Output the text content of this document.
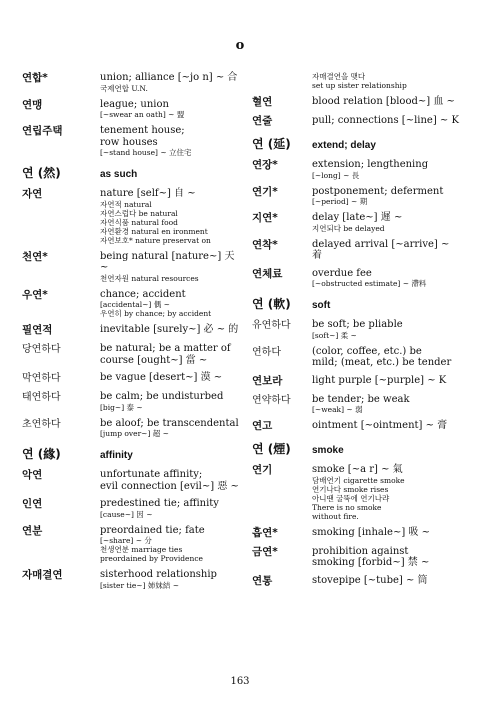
o
연합*	union; alliance [~jo n] ~ 合
국제연합 U.N.
연맹	league; union
[~swear an oath] ~ 盟
연립주택	tenement house;
row houses
[~stand house] ~ 立住宅
연 (然)	as such
자연	nature [self~] 自 ~
자연적 natural
자연스럽다 be natural
자연식품 natural food
자연환경 natural en ironment
자연보호* nature preservat on
천연*	being natural [nature~] 天 ~
천연자원 natural resources
우연*	chance; accident
[accidental~] 偶 ~
우연히 by chance; by accident
필연적	inevitable [surely~] 必 ~ 的
당연하다	be natural; be a matter of
course [ought~] 當 ~
막연하다	be vague [desert~] 漠 ~
태연하다	be calm; be undisturbed
[big~] 泰 ~
초연하다	be aloof; be transcendental
[jump over~] 超 ~
연 (緣)	affinity
악연	unfortunate affinity;
evil connection [evil~] 惡 ~
인연	predestined tie; affinity
[cause~] 因 ~
연분	preordained tie; fate
[~share] ~ 分
천생연분 marriage ties
preordained by Providence
자매결연	sisterhood relationship
[sister tie~] 姉妹結 ~
자매결연을 맺다
set up sister relationship
혈연	blood relation [blood~] 血 ~
연줄	pull; connections [~line] ~ K
연 (延)	extend; delay
연장*	extension; lengthening
[~long] ~ 長
연기*	postponement; deferment
[~period] ~ 期
지연*	delay [late~] 遲 ~
지연되다 be delayed
연착*	delayed arrival [~arrive] ~ 着
연체료	overdue fee
[~obstructed estimate] ~ 滯料
연 (軟)	soft
유연하다	be soft; be pliable
[soft~] 柔 ~
연하다	(color, coffee, etc.) be
mild; (meat, etc.) be tender
연보라	light purple [~purple] ~ K
연약하다	be tender; be weak
[~weak] ~ 弱
연고	ointment [~ointment] ~ 膏
연 (煙)	smoke
연기	smoke [~a r] ~ 氣
담배연기 cigarette smoke
연기나다 smoke rises
아니땐 굴뚝에 연기나랴
There is no smoke
without fire.
흡연*	smoking [inhale~] 吸 ~
금연*	prohibition against
smoking [forbid~] 禁 ~
연통	stovepipe [~tube] ~ 筒
163
